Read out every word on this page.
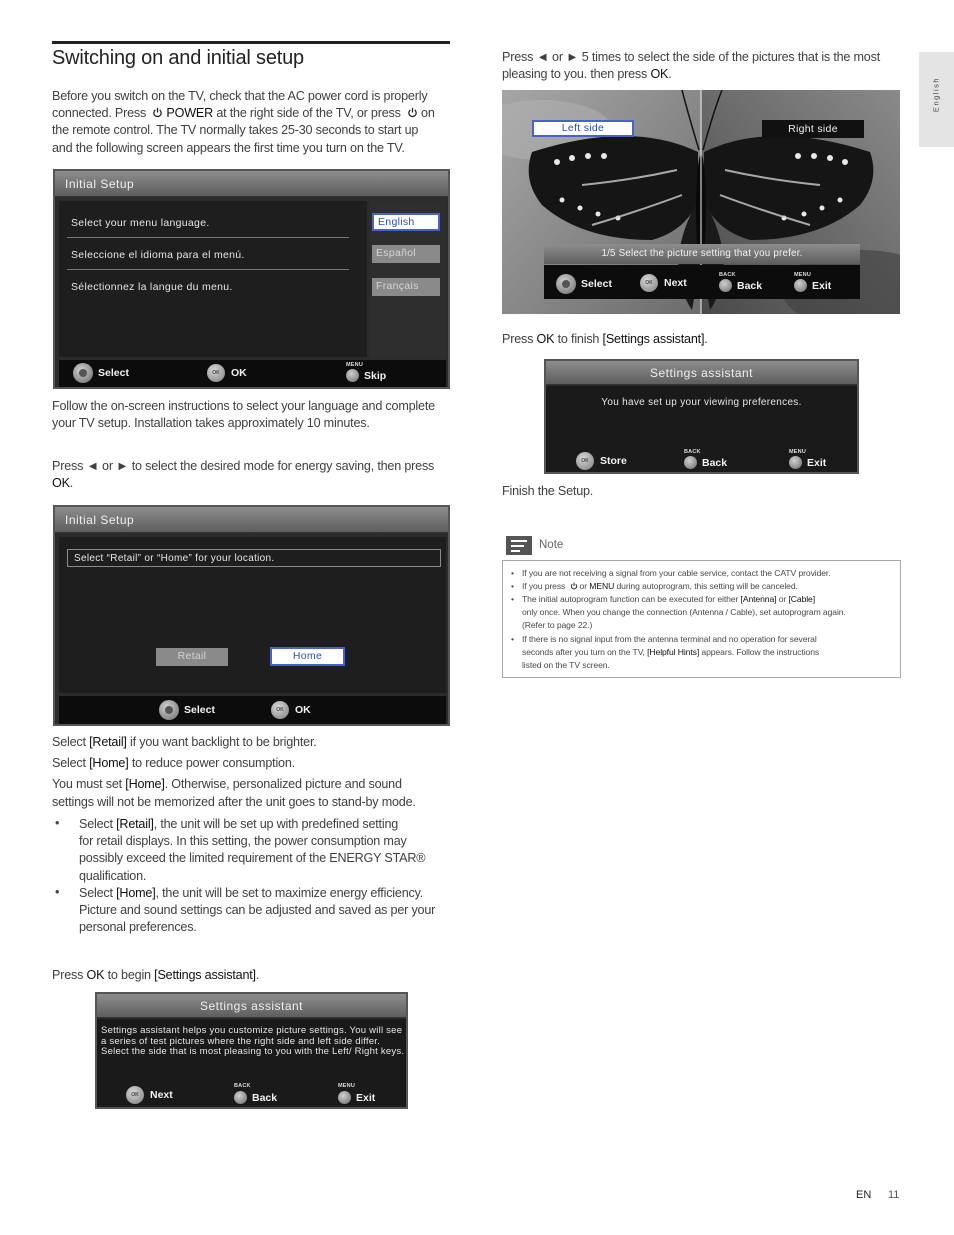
Switching on and initial setup
English
Before you switch on the TV, check that the AC power cord is properly
connected. Press POWER at the right side of the TV, or press on
the remote control. The TV normally takes 25-30 seconds to start up
and the following screen appears the first time you turn on the TV.
Initial Setup
Select your menu language.
Seleccione el idioma para el menú.
Sélectionnez la langue du menu.
English
Español
Français
Select	OK	OK
MENU
Skip
Follow the on-screen instructions to select your language and complete
your TV setup. Installation takes approximately 10 minutes.
Press ◄ or ► to select the desired mode for energy saving, then press
OK.
Initial Setup
Select “Retail” or “Home” for your location.
Retail	Home
Select	OK	OK
Select [Retail] if you want backlight to be brighter.
Select [Home] to reduce power consumption.
You must set [Home]. Otherwise, personalized picture and sound
settings will not be memorized after the unit goes to stand-by mode.
• Select [Retail], the unit will be set up with predefined setting
for retail displays. In this setting, the power consumption may
possibly exceed the limited requirement of the ENERGY STAR®
qualification.
• Select [Home], the unit will be set to maximize energy efficiency.
Picture and sound settings can be adjusted and saved as per your
personal preferences.
Press OK to begin [Settings assistant].
Settings assistant
Settings assistant helps you customize picture settings. You will see a series of test pictures where the right side and left side differ. Select the side that is most pleasing to you with the Left/ Right keys.
OK	Next
BACK
Back
MENU
Exit
Press ◄ or ► 5 times to select the side of the pictures that is the most
pleasing to you. then press OK.
Left side	Right side
1/5 Select the picture setting that you prefer.
Select	OK	Next
BACK
Back
MENU
Exit
Press OK to finish [Settings assistant].
Settings assistant
You have set up your viewing preferences.
OK	Store
BACK
Back
MENU
Exit
Finish the Setup.
Note
• If you are not receiving a signal from your cable service, contact the CATV provider.
• If you press or MENU during autoprogram, this setting will be canceled.
• The initial autoprogram function can be executed for either [Antenna] or [Cable]
only once. When you change the connection (Antenna / Cable), set autoprogram again.
(Refer to page 22.)
• If there is no signal input from the antenna terminal and no operation for several
seconds after you turn on the TV, [Helpful Hints] appears. Follow the instructions
listed on the TV screen.
EN 11
